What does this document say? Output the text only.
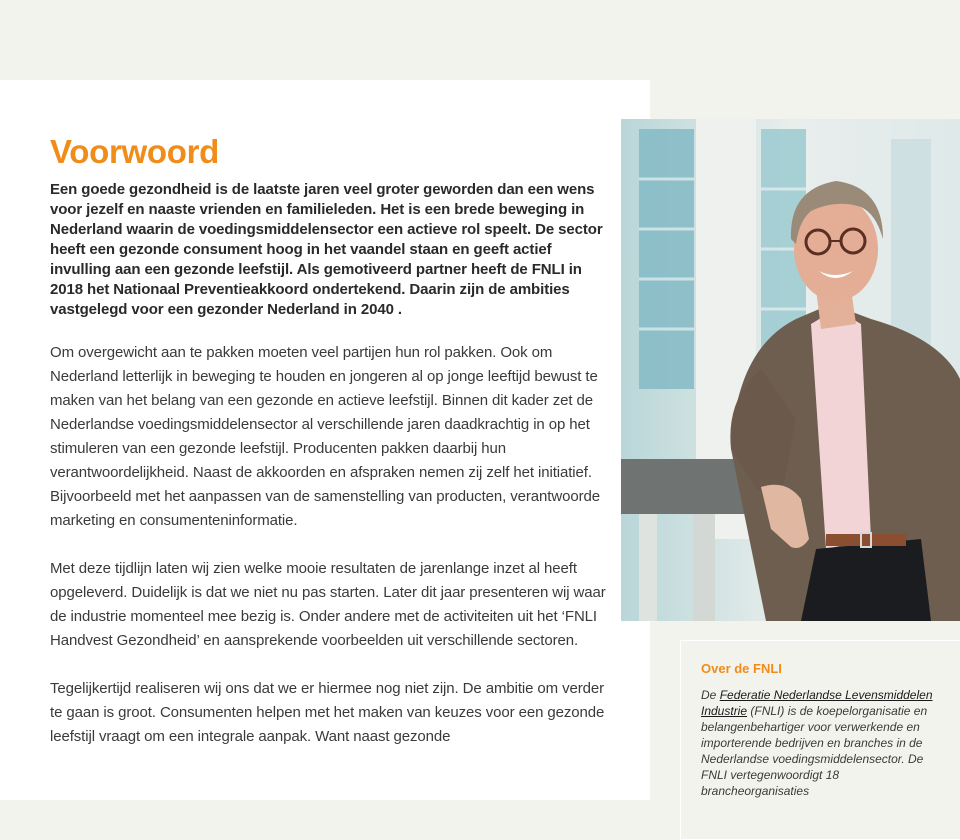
Voorwoord

Een goede gezondheid is de laatste jaren veel groter geworden dan een wens voor jezelf en naaste vrienden en familieleden. Het is een brede beweging in Nederland waarin de voedingsmiddelensector een actieve rol speelt. De sector heeft een gezonde consument hoog in het vaandel staan en geeft actief invulling aan een gezonde leefstijl. Als gemotiveerd partner heeft de FNLI in 2018 het Nationaal Preventieakkoord ondertekend. Daarin zijn de ambities vastgelegd voor een gezonder Nederland in 2040 .

Om overgewicht aan te pakken moeten veel partijen hun rol pakken. Ook om Nederland letterlijk in beweging te houden en jongeren al op jonge leeftijd bewust te maken van het belang van een gezonde en actieve leefstijl. Binnen dit kader zet de Nederlandse voedingsmiddelensector al verschillende jaren daadkrachtig in op het stimuleren van een gezonde leefstijl. Producenten pakken daarbij hun verantwoordelijkheid. Naast de akkoorden en afspraken nemen zij zelf het initiatief. Bijvoorbeeld met het aanpassen van de samenstelling van producten, verantwoorde marketing en consumenteninformatie.

Met deze tijdlijn laten wij zien welke mooie resultaten de jarenlange inzet al heeft opgeleverd. Duidelijk is dat we niet nu pas starten. Later dit jaar presenteren wij waar de industrie momenteel mee bezig is. Onder andere met de activiteiten uit het ‘FNLI Handvest Gezondheid’ en aansprekende voorbeelden uit verschillende sectoren.

Tegelijkertijd realiseren wij ons dat we er hiermee nog niet zijn. De ambitie om verder te gaan is groot. Consumenten helpen met het maken van keuzes voor een gezonde leefstijl vraagt om een integrale aanpak. Want naast gezonde

Over de FNLI

De Federatie Nederlandse Levensmiddelen Industrie (FNLI) is de koepelorganisatie en belangenbehartiger voor verwerkende en importerende bedrijven en branches in de Nederlandse voedingsmiddelensector. De FNLI vertegenwoordigt 18 brancheorganisaties
